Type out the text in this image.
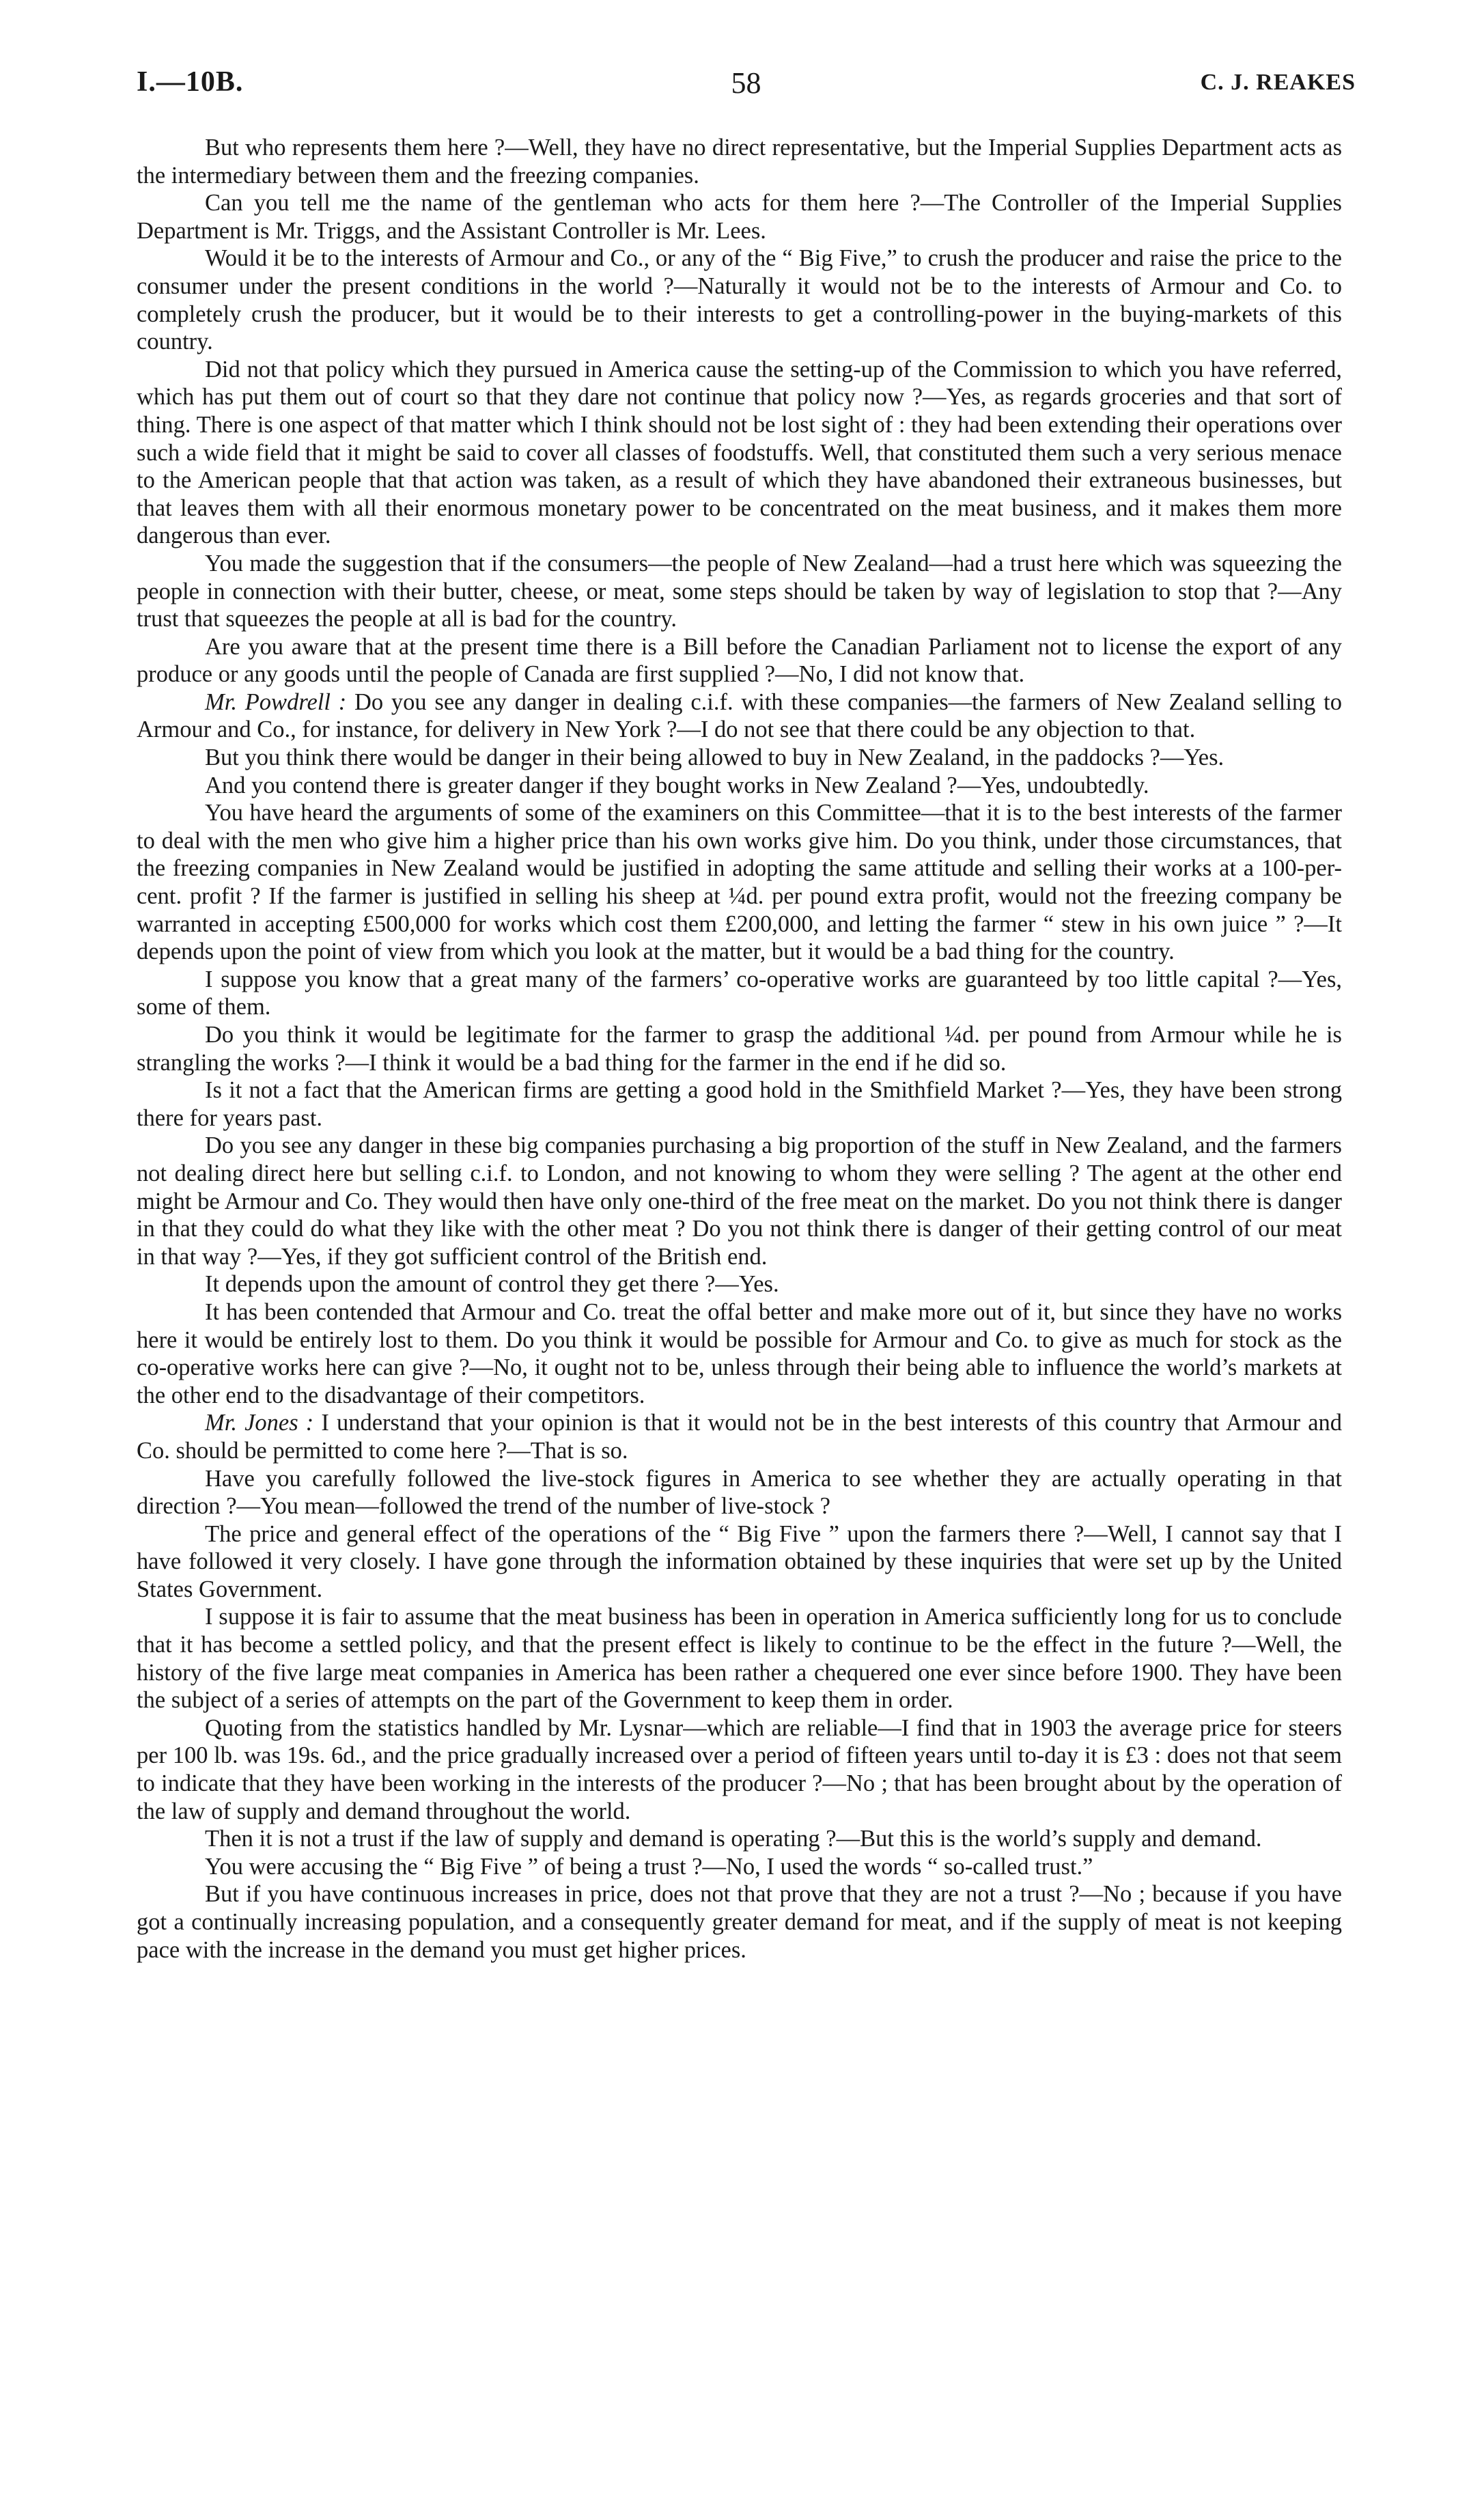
I.—10B.	58	C. J. REAKES

But who represents them here ?—Well, they have no direct representative, but the Imperial Supplies Department acts as the intermediary between them and the freezing companies.

Can you tell me the name of the gentleman who acts for them here ?—The Controller of the Imperial Supplies Department is Mr. Triggs, and the Assistant Controller is Mr. Lees.

Would it be to the interests of Armour and Co., or any of the “ Big Five,” to crush the producer and raise the price to the consumer under the present conditions in the world ?—Naturally it would not be to the interests of Armour and Co. to completely crush the producer, but it would be to their interests to get a controlling-power in the buying-markets of this country.

Did not that policy which they pursued in America cause the setting-up of the Commission to which you have referred, which has put them out of court so that they dare not continue that policy now ?—Yes, as regards groceries and that sort of thing. There is one aspect of that matter which I think should not be lost sight of : they had been extending their operations over such a wide field that it might be said to cover all classes of foodstuffs. Well, that constituted them such a very serious menace to the American people that that action was taken, as a result of which they have abandoned their extraneous businesses, but that leaves them with all their enormous monetary power to be concentrated on the meat business, and it makes them more dangerous than ever.

You made the suggestion that if the consumers—the people of New Zealand—had a trust here which was squeezing the people in connection with their butter, cheese, or meat, some steps should be taken by way of legislation to stop that ?—Any trust that squeezes the people at all is bad for the country.

Are you aware that at the present time there is a Bill before the Canadian Parliament not to license the export of any produce or any goods until the people of Canada are first supplied ?—No, I did not know that.

Mr. Powdrell : Do you see any danger in dealing c.i.f. with these companies—the farmers of New Zealand selling to Armour and Co., for instance, for delivery in New York ?—I do not see that there could be any objection to that.

But you think there would be danger in their being allowed to buy in New Zealand, in the paddocks ?—Yes.

And you contend there is greater danger if they bought works in New Zealand ?—Yes, undoubtedly.

You have heard the arguments of some of the examiners on this Committee—that it is to the best interests of the farmer to deal with the men who give him a higher price than his own works give him. Do you think, under those circumstances, that the freezing companies in New Zealand would be justified in adopting the same attitude and selling their works at a 100-per-cent. profit ? If the farmer is justified in selling his sheep at ¼d. per pound extra profit, would not the freezing company be warranted in accepting £500,000 for works which cost them £200,000, and letting the farmer “ stew in his own juice ” ?—It depends upon the point of view from which you look at the matter, but it would be a bad thing for the country.

I suppose you know that a great many of the farmers’ co-operative works are guaranteed by too little capital ?—Yes, some of them.

Do you think it would be legitimate for the farmer to grasp the additional ¼d. per pound from Armour while he is strangling the works ?—I think it would be a bad thing for the farmer in the end if he did so.

Is it not a fact that the American firms are getting a good hold in the Smithfield Market ?—Yes, they have been strong there for years past.

Do you see any danger in these big companies purchasing a big proportion of the stuff in New Zealand, and the farmers not dealing direct here but selling c.i.f. to London, and not knowing to whom they were selling ? The agent at the other end might be Armour and Co. They would then have only one-third of the free meat on the market. Do you not think there is danger in that they could do what they like with the other meat ? Do you not think there is danger of their getting control of our meat in that way ?—Yes, if they got sufficient control of the British end.

It depends upon the amount of control they get there ?—Yes.

It has been contended that Armour and Co. treat the offal better and make more out of it, but since they have no works here it would be entirely lost to them. Do you think it would be possible for Armour and Co. to give as much for stock as the co-operative works here can give ?—No, it ought not to be, unless through their being able to influence the world’s markets at the other end to the disadvantage of their competitors.

Mr. Jones : I understand that your opinion is that it would not be in the best interests of this country that Armour and Co. should be permitted to come here ?—That is so.

Have you carefully followed the live-stock figures in America to see whether they are actually operating in that direction ?—You mean—followed the trend of the number of live-stock ?

The price and general effect of the operations of the “ Big Five ” upon the farmers there ?—Well, I cannot say that I have followed it very closely. I have gone through the information obtained by these inquiries that were set up by the United States Government.

I suppose it is fair to assume that the meat business has been in operation in America sufficiently long for us to conclude that it has become a settled policy, and that the present effect is likely to continue to be the effect in the future ?—Well, the history of the five large meat companies in America has been rather a chequered one ever since before 1900. They have been the subject of a series of attempts on the part of the Government to keep them in order.

Quoting from the statistics handled by Mr. Lysnar—which are reliable—I find that in 1903 the average price for steers per 100 lb. was 19s. 6d., and the price gradually increased over a period of fifteen years until to-day it is £3 : does not that seem to indicate that they have been working in the interests of the producer ?—No ; that has been brought about by the operation of the law of supply and demand throughout the world.

Then it is not a trust if the law of supply and demand is operating ?—But this is the world’s supply and demand.

You were accusing the “ Big Five ” of being a trust ?—No, I used the words “ so-called trust.”

But if you have continuous increases in price, does not that prove that they are not a trust ?—No ; because if you have got a continually increasing population, and a consequently greater demand for meat, and if the supply of meat is not keeping pace with the increase in the demand you must get higher prices.
